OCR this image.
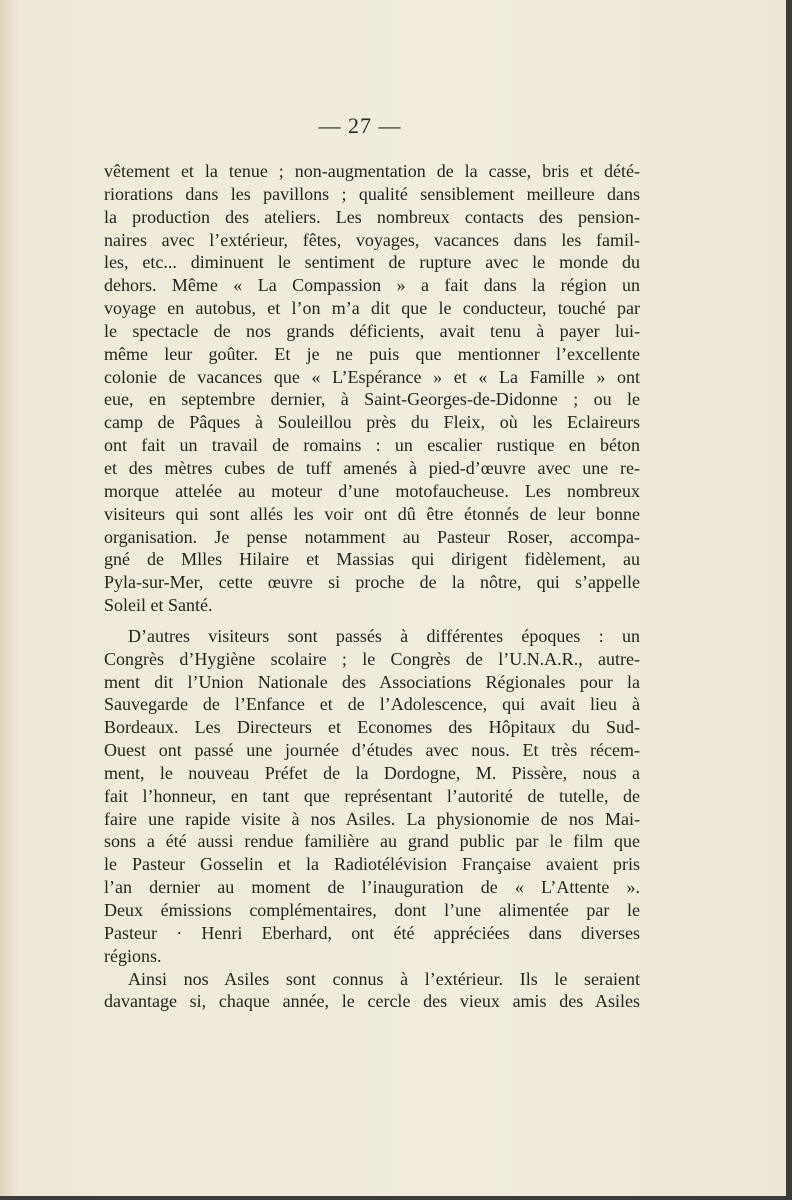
— 27 —
vêtement et la tenue ; non-augmentation de la casse, bris et dété-
riorations dans les pavillons ; qualité sensiblement meilleure dans
la production des ateliers. Les nombreux contacts des pension-
naires avec l’extérieur, fêtes, voyages, vacances dans les famil-
les, etc... diminuent le sentiment de rupture avec le monde du
dehors. Même « La Compassion » a fait dans la région un
voyage en autobus, et l’on m’a dit que le conducteur, touché par
le spectacle de nos grands déficients, avait tenu à payer lui-
même leur goûter. Et je ne puis que mentionner l’excellente
colonie de vacances que « L’Espérance » et « La Famille » ont
eue, en septembre dernier, à Saint-Georges-de-Didonne ; ou le
camp de Pâques à Souleillou près du Fleix, où les Eclaireurs
ont fait un travail de romains : un escalier rustique en béton
et des mètres cubes de tuff amenés à pied-d’œuvre avec une re-
morque attelée au moteur d’une motofaucheuse. Les nombreux
visiteurs qui sont allés les voir ont dû être étonnés de leur bonne
organisation. Je pense notamment au Pasteur Roser, accompa-
gné de Mlles Hilaire et Massias qui dirigent fidèlement, au
Pyla-sur-Mer, cette œuvre si proche de la nôtre, qui s’appelle
Soleil et Santé.
D’autres visiteurs sont passés à différentes époques : un
Congrès d’Hygiène scolaire ; le Congrès de l’U.N.A.R., autre-
ment dit l’Union Nationale des Associations Régionales pour la
Sauvegarde de l’Enfance et de l’Adolescence, qui avait lieu à
Bordeaux. Les Directeurs et Economes des Hôpitaux du Sud-
Ouest ont passé une journée d’études avec nous. Et très récem-
ment, le nouveau Préfet de la Dordogne, M. Pissère, nous a
fait l’honneur, en tant que représentant l’autorité de tutelle, de
faire une rapide visite à nos Asiles. La physionomie de nos Mai-
sons a été aussi rendue familière au grand public par le film que
le Pasteur Gosselin et la Radiotélévision Française avaient pris
l’an dernier au moment de l’inauguration de « L’Attente ».
Deux émissions complémentaires, dont l’une alimentée par le
Pasteur · Henri Eberhard, ont été appréciées dans diverses
régions.
Ainsi nos Asiles sont connus à l’extérieur. Ils le seraient
davantage si, chaque année, le cercle des vieux amis des Asiles
